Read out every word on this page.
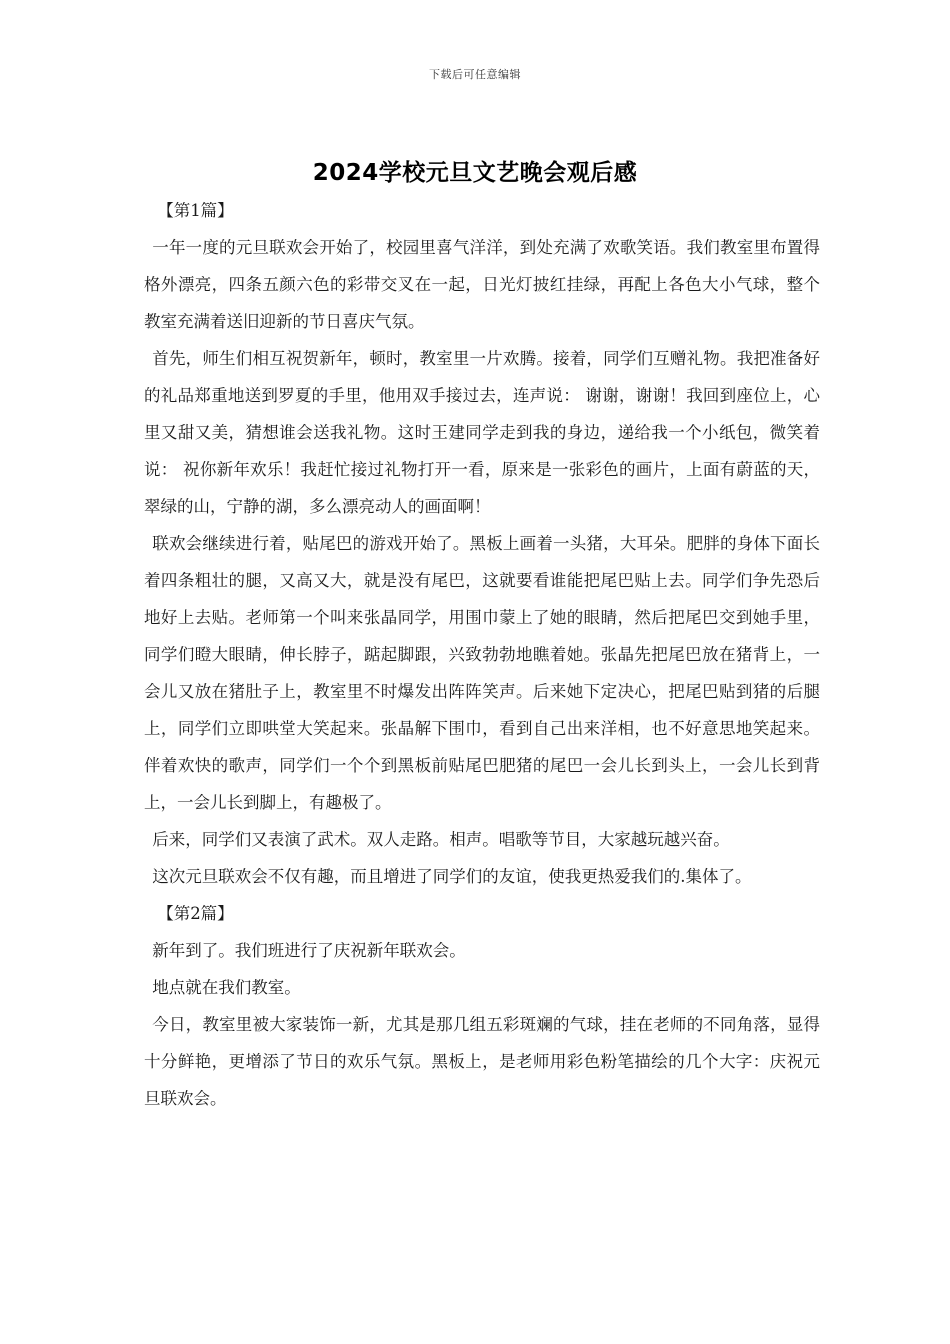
下载后可任意编辑
2024学校元旦文艺晚会观后感

【第1篇】

一年一度的元旦联欢会开始了，校园里喜气洋洋，到处充满了欢歌笑语。我们教室里布置得格外漂亮，四条五颜六色的彩带交叉在一起，日光灯披红挂绿，再配上各色大小气球，整个教室充满着送旧迎新的节日喜庆气氛。

首先，师生们相互祝贺新年，顿时，教室里一片欢腾。接着，同学们互赠礼物。我把准备好的礼品郑重地送到罗夏的手里，他用双手接过去，连声说： 谢谢，谢谢！我回到座位上，心里又甜又美，猜想谁会送我礼物。这时王建同学走到我的身边，递给我一个小纸包，微笑着说： 祝你新年欢乐！我赶忙接过礼物打开一看，原来是一张彩色的画片，上面有蔚蓝的天，翠绿的山，宁静的湖，多么漂亮动人的画面啊！

联欢会继续进行着，贴尾巴的游戏开始了。黑板上画着一头猪，大耳朵。肥胖的身体下面长着四条粗壮的腿，又高又大，就是没有尾巴，这就要看谁能把尾巴贴上去。同学们争先恐后地好上去贴。老师第一个叫来张晶同学，用围巾蒙上了她的眼睛，然后把尾巴交到她手里，同学们瞪大眼睛，伸长脖子，踮起脚跟，兴致勃勃地瞧着她。张晶先把尾巴放在猪背上，一会儿又放在猪肚子上，教室里不时爆发出阵阵笑声。后来她下定决心，把尾巴贴到猪的后腿上，同学们立即哄堂大笑起来。张晶解下围巾，看到自己出来洋相，也不好意思地笑起来。伴着欢快的歌声，同学们一个个到黑板前贴尾巴肥猪的尾巴一会儿长到头上，一会儿长到背上，一会儿长到脚上，有趣极了。

后来，同学们又表演了武术。双人走路。相声。唱歌等节目，大家越玩越兴奋。

这次元旦联欢会不仅有趣，而且增进了同学们的友谊，使我更热爱我们的.集体了。

【第2篇】

新年到了。我们班进行了庆祝新年联欢会。

地点就在我们教室。

今日，教室里被大家装饰一新，尤其是那几组五彩斑斓的气球，挂在老师的不同角落，显得十分鲜艳，更增添了节日的欢乐气氛。黑板上，是老师用彩色粉笔描绘的几个大字：庆祝元旦联欢会。
